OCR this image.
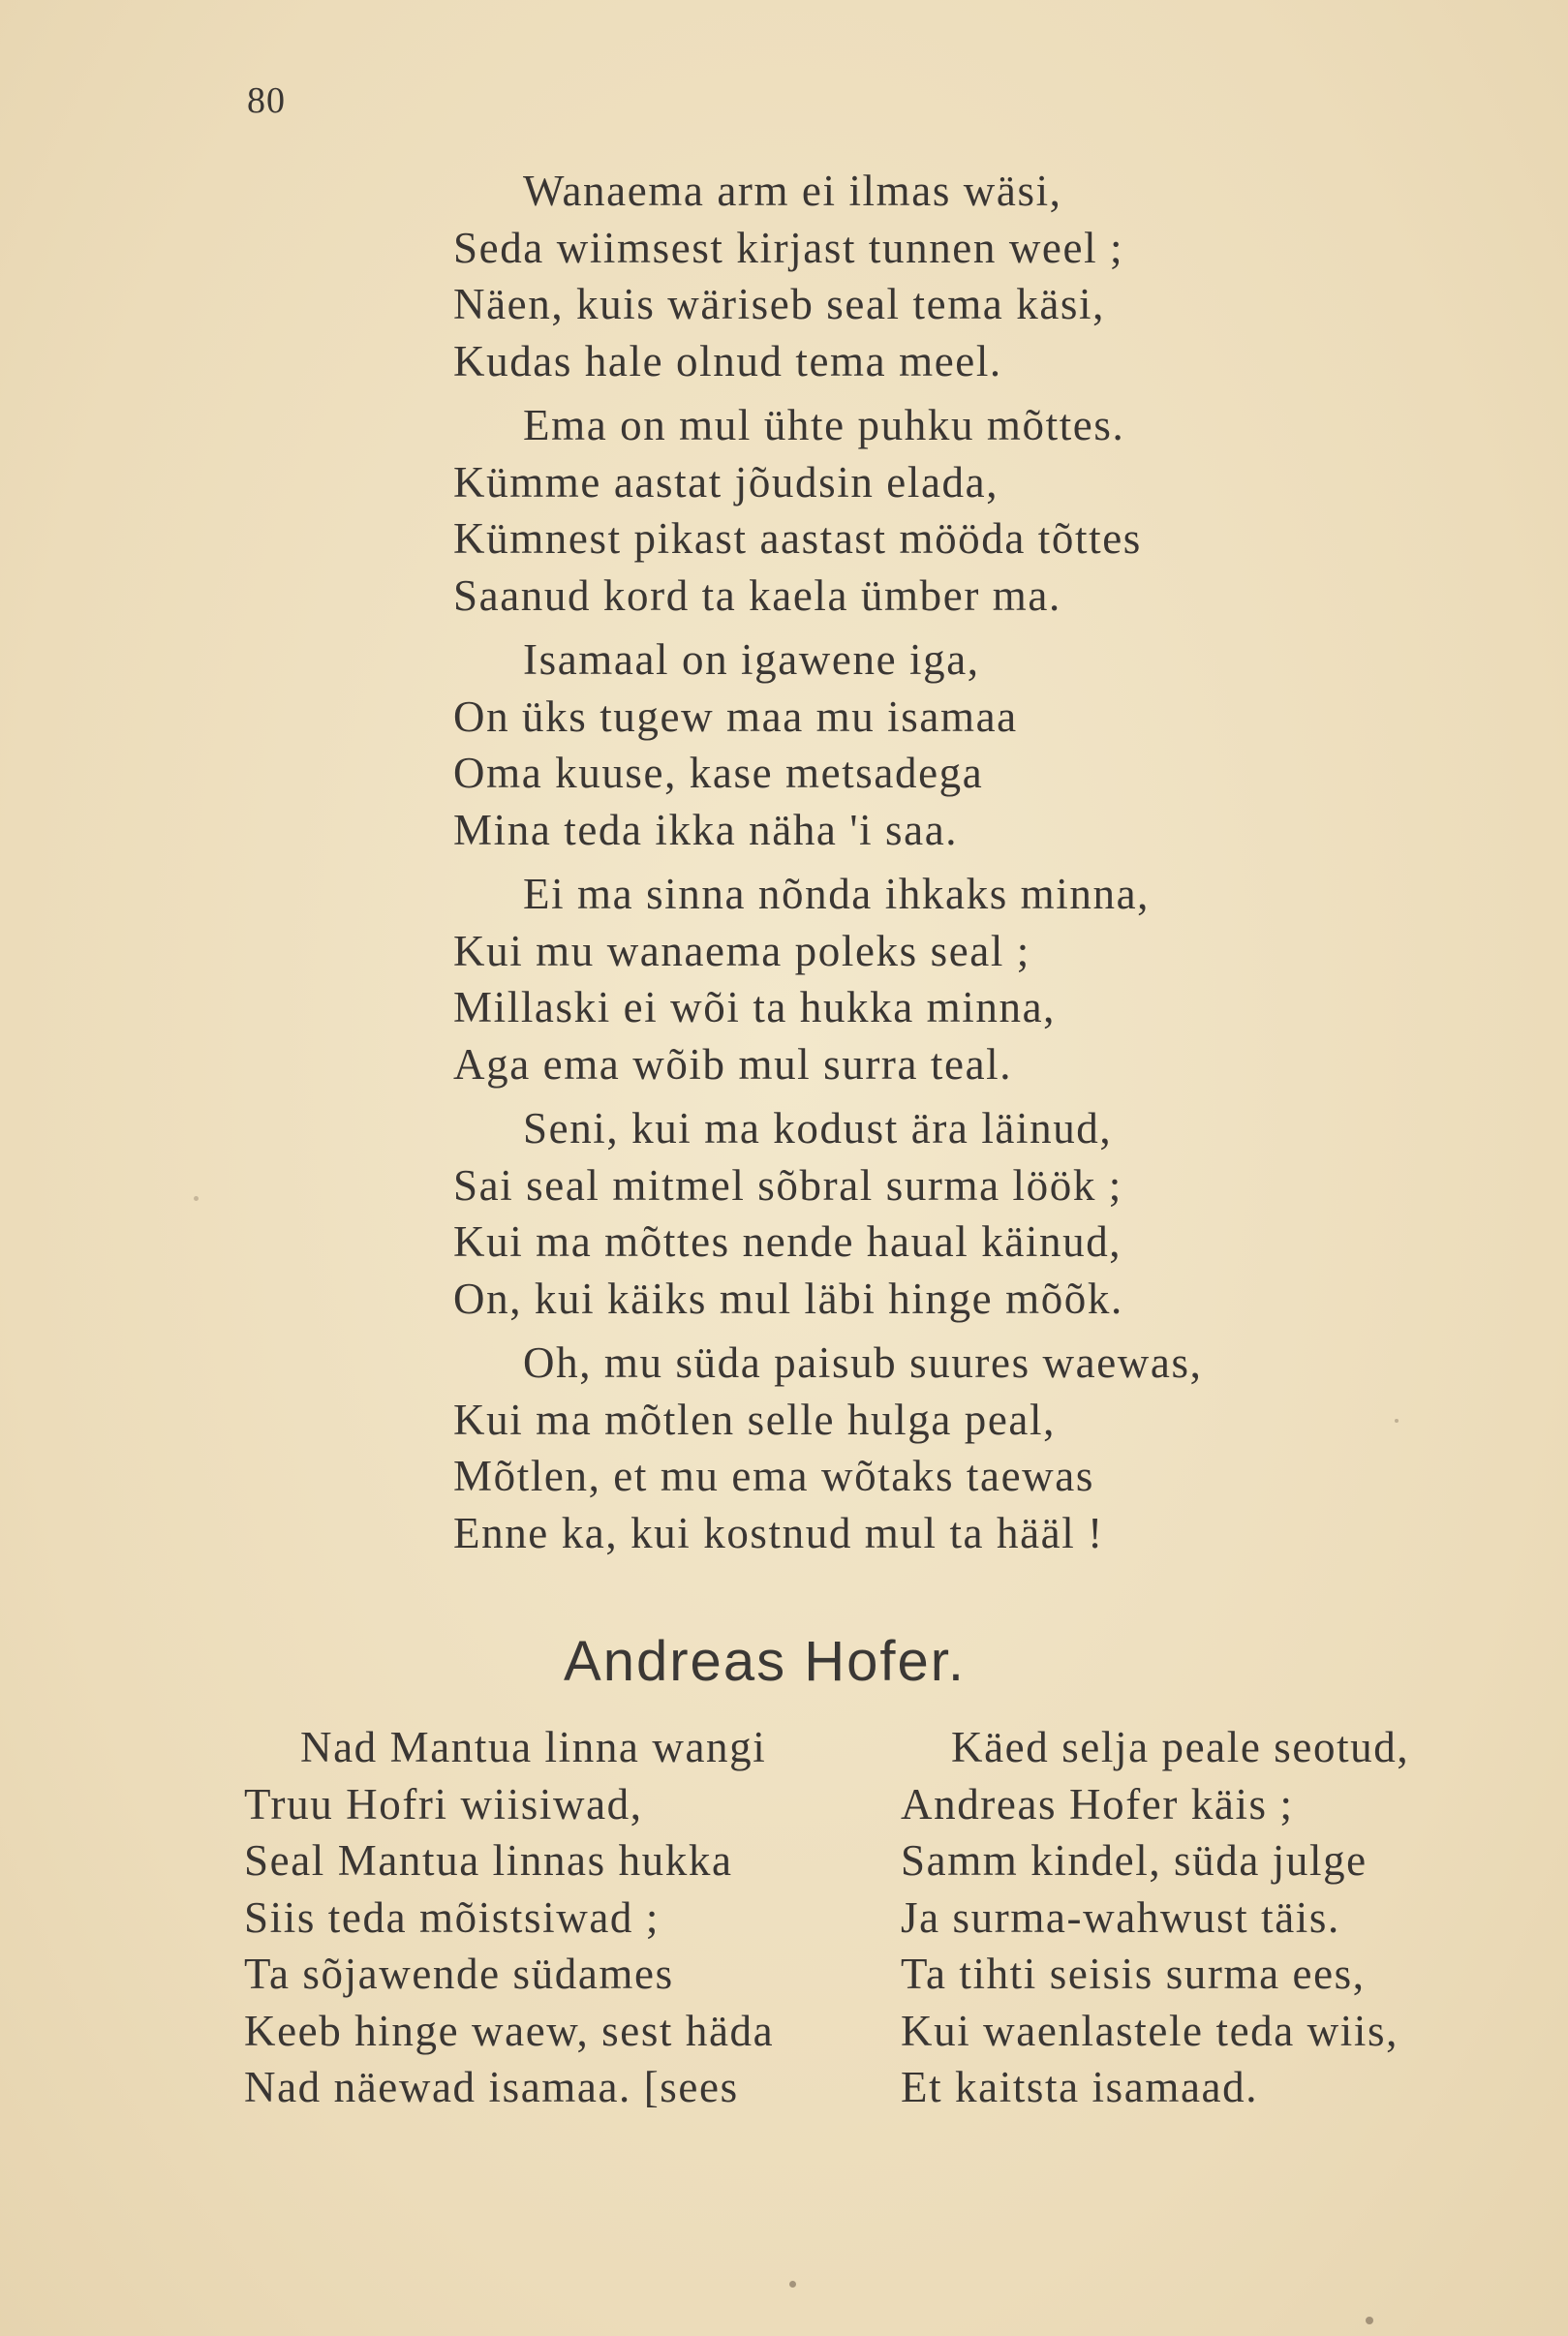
80
Wanaema arm ei ilmas wäsi,
Seda wiimsest kirjast tunnen weel ;
Näen, kuis wäriseb seal tema käsi,
Kudas hale olnud tema meel.
Ema on mul ühte puhku mõttes.
Kümme aastat jõudsin elada,
Kümnest pikast aastast mööda tõttes
Saanud kord ta kaela ümber ma.
Isamaal on igawene iga,
On üks tugew maa mu isamaa
Oma kuuse, kase metsadega
Mina teda ikka näha 'i saa.
Ei ma sinna nõnda ihkaks minna,
Kui mu wanaema poleks seal ;
Millaski ei wõi ta hukka minna,
Aga ema wõib mul surra teal.
Seni, kui ma kodust ära läinud,
Sai seal mitmel sõbral surma löök ;
Kui ma mõttes nende haual käinud,
On, kui käiks mul läbi hinge mõõk.
Oh, mu süda paisub suures waewas,
Kui ma mõtlen selle hulga peal,
Mõtlen, et mu ema wõtaks taewas
Enne ka, kui kostnud mul ta hääl !
Andreas Hofer.
Nad Mantua linna wangi
Truu Hofri wiisiwad,
Seal Mantua linnas hukka
Siis teda mõistsiwad ;
Ta sõjawende südames
Keeb hinge waew, sest häda
Nad näewad isamaa. [sees
Käed selja peale seotud,
Andreas Hofer käis ;
Samm kindel, süda julge
Ja surma-wahwust täis.
Ta tihti seisis surma ees,
Kui waenlastele teda wiis,
Et kaitsta isamaad.
